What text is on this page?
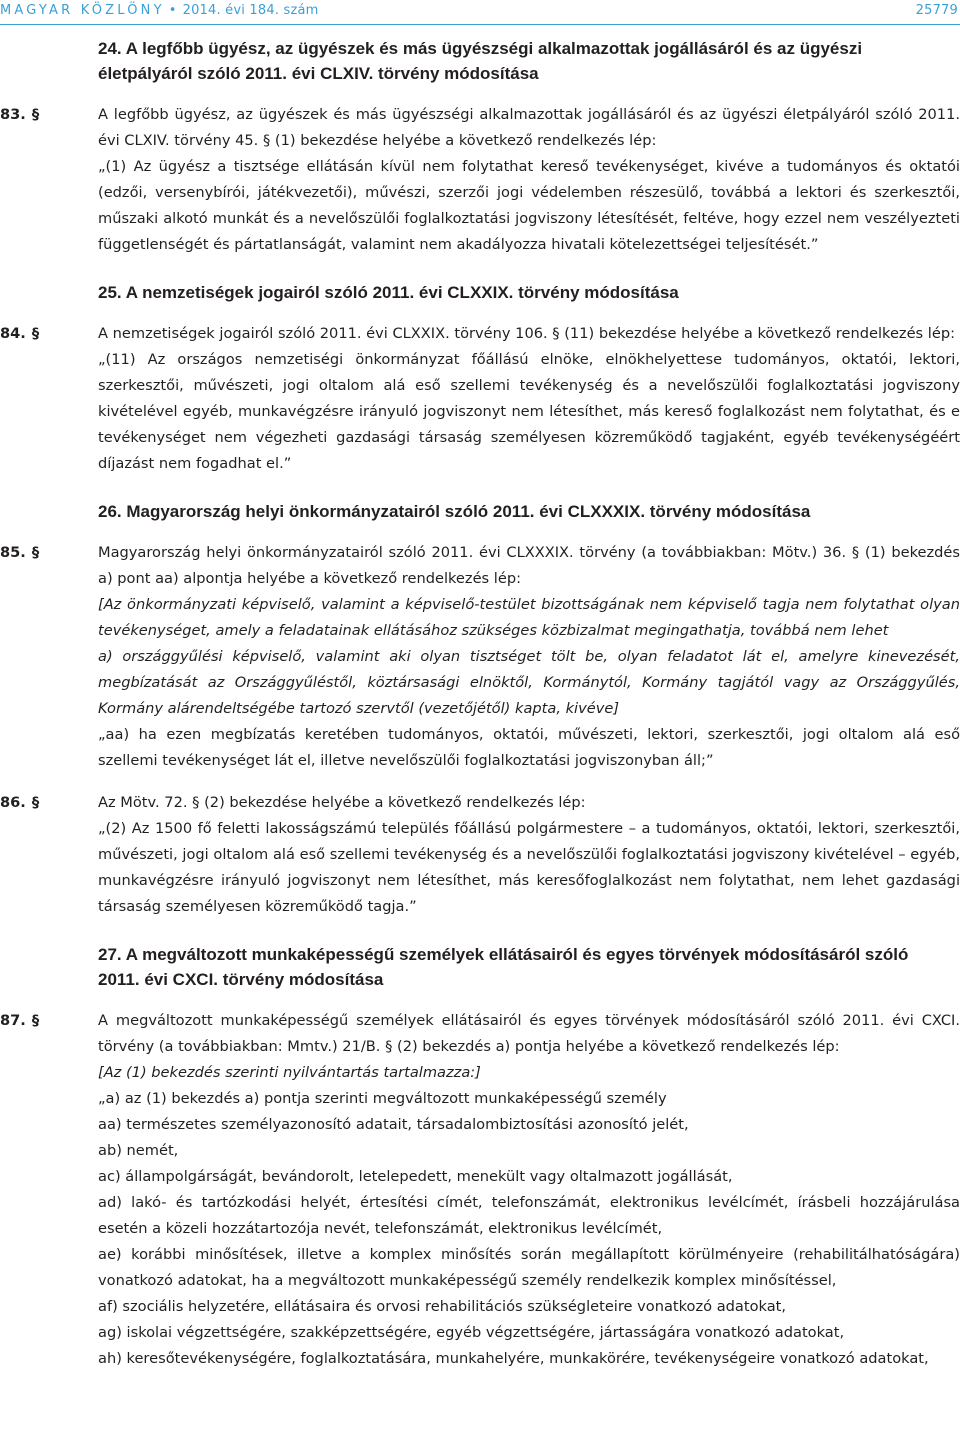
MAGYAR KÖZLÖNY • 2014. évi 184. szám	25779
24. A legfőbb ügyész, az ügyészek és más ügyészségi alkalmazottak jogállásáról és az ügyészi életpályáról szóló 2011. évi CLXIV. törvény módosítása
83. §	A legfőbb ügyész, az ügyészek és más ügyészségi alkalmazottak jogállásáról és az ügyészi életpályáról szóló 2011. évi CLXIV. törvény 45. § (1) bekezdése helyébe a következő rendelkezés lép:

„(1) Az ügyész a tisztsége ellátásán kívül nem folytathat kereső tevékenységet, kivéve a tudományos és oktatói (edzői, versenybírói, játékvezetői), művészi, szerzői jogi védelemben részesülő, továbbá a lektori és szerkesztői, műszaki alkotó munkát és a nevelőszülői foglalkoztatási jogviszony létesítését, feltéve, hogy ezzel nem veszélyezteti függetlenségét és pártatlanságát, valamint nem akadályozza hivatali kötelezettségei teljesítését.”

25. A nemzetiségek jogairól szóló 2011. évi CLXXIX. törvény módosítása
84. §	A nemzetiségek jogairól szóló 2011. évi CLXXIX. törvény 106. § (11) bekezdése helyébe a következő rendelkezés lép:

„(11) Az országos nemzetiségi önkormányzat főállású elnöke, elnökhelyettese tudományos, oktatói, lektori, szerkesztői, művészeti, jogi oltalom alá eső szellemi tevékenység és a nevelőszülői foglalkoztatási jogviszony kivételével egyéb, munkavégzésre irányuló jogviszonyt nem létesíthet, más kereső foglalkozást nem folytathat, és e tevékenységet nem végezheti gazdasági társaság személyesen közreműködő tagjaként, egyéb tevékenységéért díjazást nem fogadhat el.”

26. Magyarország helyi önkormányzatairól szóló 2011. évi CLXXXIX. törvény módosítása
85. §	Magyarország helyi önkormányzatairól szóló 2011. évi CLXXXIX. törvény (a továbbiakban: Mötv.) 36. § (1) bekezdés a) pont aa) alpontja helyébe a következő rendelkezés lép:

[Az önkormányzati képviselő, valamint a képviselő-testület bizottságának nem képviselő tagja nem folytathat olyan tevékenységet, amely a feladatainak ellátásához szükséges közbizalmat megingathatja, továbbá nem lehet

a) országgyűlési képviselő, valamint aki olyan tisztséget tölt be, olyan feladatot lát el, amelyre kinevezését, megbízatását az Országgyűléstől, köztársasági elnöktől, Kormánytól, Kormány tagjától vagy az Országgyűlés, Kormány alárendeltségébe tartozó szervtől (vezetőjétől) kapta, kivéve]

„aa) ha ezen megbízatás keretében tudományos, oktatói, művészeti, lektori, szerkesztői, jogi oltalom alá eső szellemi tevékenységet lát el, illetve nevelőszülői foglalkoztatási jogviszonyban áll;”

86. §	Az Mötv. 72. § (2) bekezdése helyébe a következő rendelkezés lép:

„(2) Az 1500 fő feletti lakosságszámú település főállású polgármestere – a tudományos, oktatói, lektori, szerkesztői, művészeti, jogi oltalom alá eső szellemi tevékenység és a nevelőszülői foglalkoztatási jogviszony kivételével – egyéb, munkavégzésre irányuló jogviszonyt nem létesíthet, más keresőfoglalkozást nem folytathat, nem lehet gazdasági társaság személyesen közreműködő tagja.”

27. A megváltozott munkaképességű személyek ellátásairól és egyes törvények módosításáról szóló 2011. évi CXCI. törvény módosítása
87. §	A megváltozott munkaképességű személyek ellátásairól és egyes törvények módosításáról szóló 2011. évi CXCI. törvény (a továbbiakban: Mmtv.) 21/B. § (2) bekezdés a) pontja helyébe a következő rendelkezés lép:

[Az (1) bekezdés szerinti nyilvántartás tartalmazza:]

„a) az (1) bekezdés a) pontja szerinti megváltozott munkaképességű személy

aa) természetes személyazonosító adatait, társadalombiztosítási azonosító jelét,

ab) nemét,

ac) állampolgárságát, bevándorolt, letelepedett, menekült vagy oltalmazott jogállását,

ad) lakó- és tartózkodási helyét, értesítési címét, telefonszámát, elektronikus levélcímét, írásbeli hozzájárulása esetén a közeli hozzátartozója nevét, telefonszámát, elektronikus levélcímét,

ae) korábbi minősítések, illetve a komplex minősítés során megállapított körülményeire (rehabilitálhatóságára) vonatkozó adatokat, ha a megváltozott munkaképességű személy rendelkezik komplex minősítéssel,

af) szociális helyzetére, ellátásaira és orvosi rehabilitációs szükségleteire vonatkozó adatokat,

ag) iskolai végzettségére, szakképzettségére, egyéb végzettségére, jártasságára vonatkozó adatokat,

ah) keresőtevékenységére, foglalkoztatására, munkahelyére, munkakörére, tevékenységeire vonatkozó adatokat,
